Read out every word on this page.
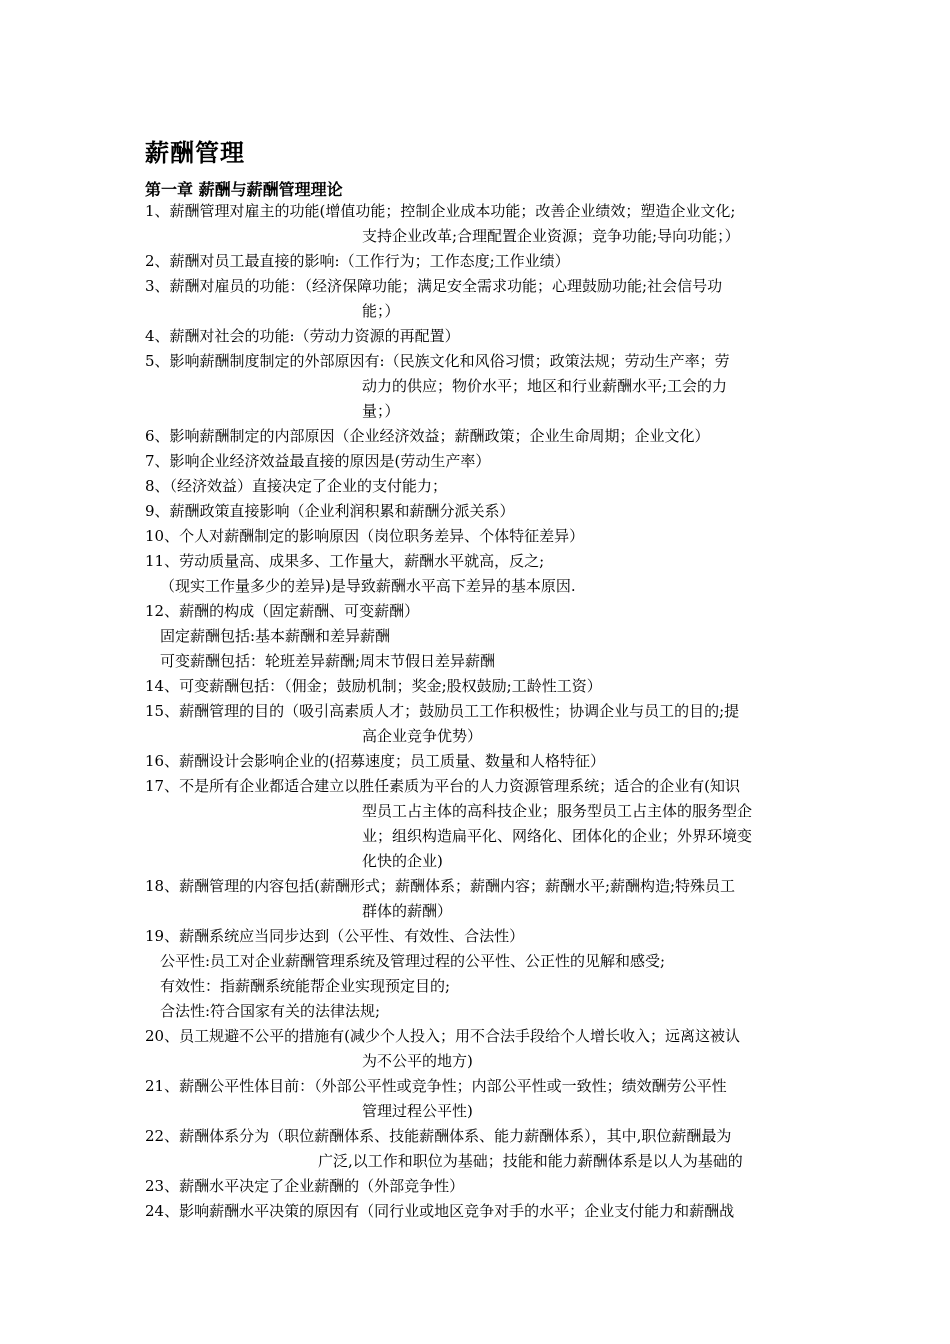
薪酬管理
第一章 薪酬与薪酬管理理论
1、薪酬管理对雇主的功能(增值功能；控制企业成本功能；改善企业绩效；塑造企业文化;
支持企业改革;合理配置企业资源；竞争功能;导向功能；）
2、薪酬对员工最直接的影响:（工作行为；工作态度;工作业绩）
3、薪酬对雇员的功能：（经济保障功能；满足安全需求功能；心理鼓励功能;社会信号功
能；）
4、薪酬对社会的功能:（劳动力资源的再配置）
5、影响薪酬制度制定的外部原因有:（民族文化和风俗习惯；政策法规；劳动生产率；劳
动力的供应；物价水平；地区和行业薪酬水平;工会的力
量；）
6、影响薪酬制定的内部原因（企业经济效益；薪酬政策；企业生命周期；企业文化）
7、影响企业经济效益最直接的原因是(劳动生产率）
8、（经济效益）直接决定了企业的支付能力；
9、薪酬政策直接影响（企业利润积累和薪酬分派关系）
10、个人对薪酬制定的影响原因（岗位职务差异、个体特征差异）
11、劳动质量高、成果多、工作量大，薪酬水平就高，反之;
（现实工作量多少的差异)是导致薪酬水平高下差异的基本原因.
12、薪酬的构成（固定薪酬、可变薪酬）
固定薪酬包括:基本薪酬和差异薪酬
可变薪酬包括：轮班差异薪酬;周末节假日差异薪酬
14、可变薪酬包括：（佣金；鼓励机制；奖金;股权鼓励;工龄性工资）
15、薪酬管理的目的（吸引高素质人才；鼓励员工工作积极性；协调企业与员工的目的;提
高企业竞争优势）
16、薪酬设计会影响企业的(招募速度；员工质量、数量和人格特征）
17、不是所有企业都适合建立以胜任素质为平台的人力资源管理系统；适合的企业有(知识
型员工占主体的高科技企业；服务型员工占主体的服务型企
业；组织构造扁平化、网络化、团体化的企业；外界环境变
化快的企业)
18、薪酬管理的内容包括(薪酬形式；薪酬体系；薪酬内容；薪酬水平;薪酬构造;特殊员工
群体的薪酬）
19、薪酬系统应当同步达到（公平性、有效性、合法性）
公平性:员工对企业薪酬管理系统及管理过程的公平性、公正性的见解和感受;
有效性：指薪酬系统能帮企业实现预定目的;
合法性:符合国家有关的法律法规;
20、员工规避不公平的措施有(减少个人投入；用不合法手段给个人增长收入；远离这被认
为不公平的地方)
21、薪酬公平性体目前：（外部公平性或竞争性；内部公平性或一致性；绩效酬劳公平性
管理过程公平性)
22、薪酬体系分为（职位薪酬体系、技能薪酬体系、能力薪酬体系），其中,职位薪酬最为
广泛,以工作和职位为基础；技能和能力薪酬体系是以人为基础的
23、薪酬水平决定了企业薪酬的（外部竞争性）
24、影响薪酬水平决策的原因有（同行业或地区竞争对手的水平；企业支付能力和薪酬战
